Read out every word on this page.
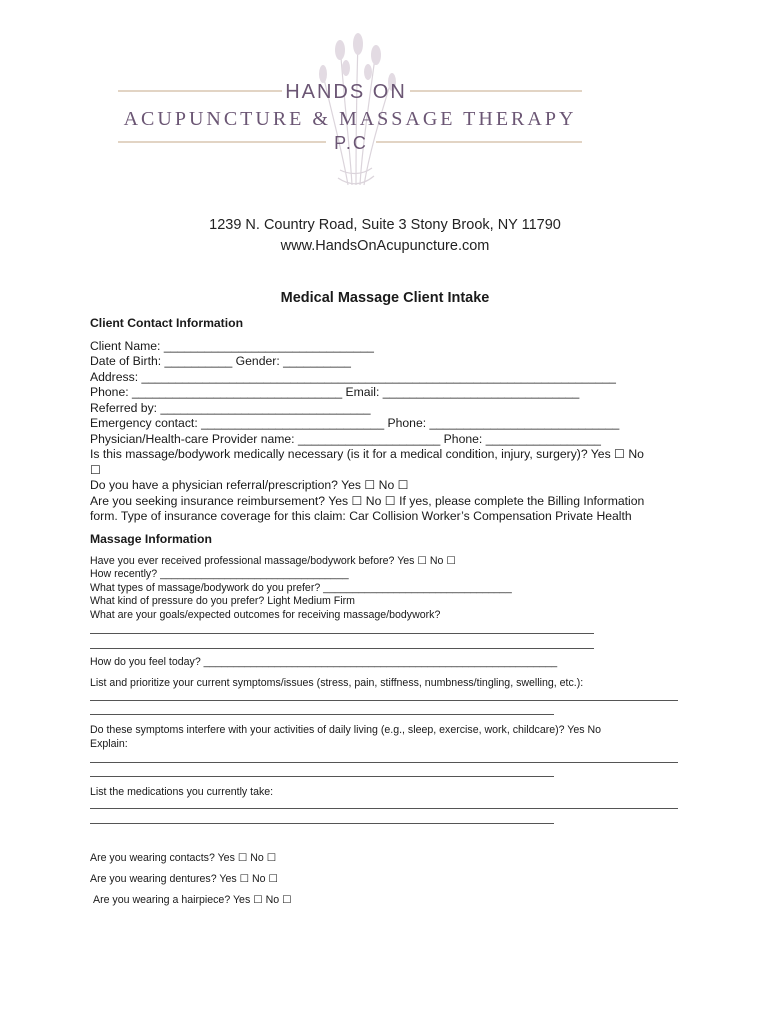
HANDS ON
ACUPUNCTURE & MASSAGE THERAPY
P.C
1239 N. Country Road, Suite 3 Stony Brook, NY 11790
www.HandsOnAcupuncture.com
Medical Massage Client Intake
Client Contact Information
Client Name: _______________________________
Date of Birth: __________ Gender: __________
Address: ______________________________________________________________________
Phone: _______________________________ Email: _____________________________
Referred by: _______________________________
Emergency contact: ___________________________ Phone: ____________________________
Physician/Health-care Provider name: _____________________ Phone: _________________
Is this massage/bodywork medically necessary (is it for a medical condition, injury, surgery)? Yes ☐ No
☐
Do you have a physician referral/prescription? Yes ☐ No ☐
Are you seeking insurance reimbursement? Yes ☐ No ☐ If yes, please complete the Billing Information
form. Type of insurance coverage for this claim: Car Collision Worker’s Compensation Private Health
Massage Information
Have you ever received professional massage/bodywork before? Yes ☐ No ☐
How recently? ________________________________
What types of massage/bodywork do you prefer? ________________________________
What kind of pressure do you prefer? Light Medium Firm
What are your goals/expected outcomes for receiving massage/bodywork?
How do you feel today? ____________________________________________________________
List and prioritize your current symptoms/issues (stress, pain, stiffness, numbness/tingling, swelling, etc.):
Do these symptoms interfere with your activities of daily living (e.g., sleep, exercise, work, childcare)? Yes No
Explain:
List the medications you currently take:
Are you wearing contacts? Yes ☐ No ☐
Are you wearing dentures? Yes ☐ No ☐
Are you wearing a hairpiece? Yes ☐ No ☐
